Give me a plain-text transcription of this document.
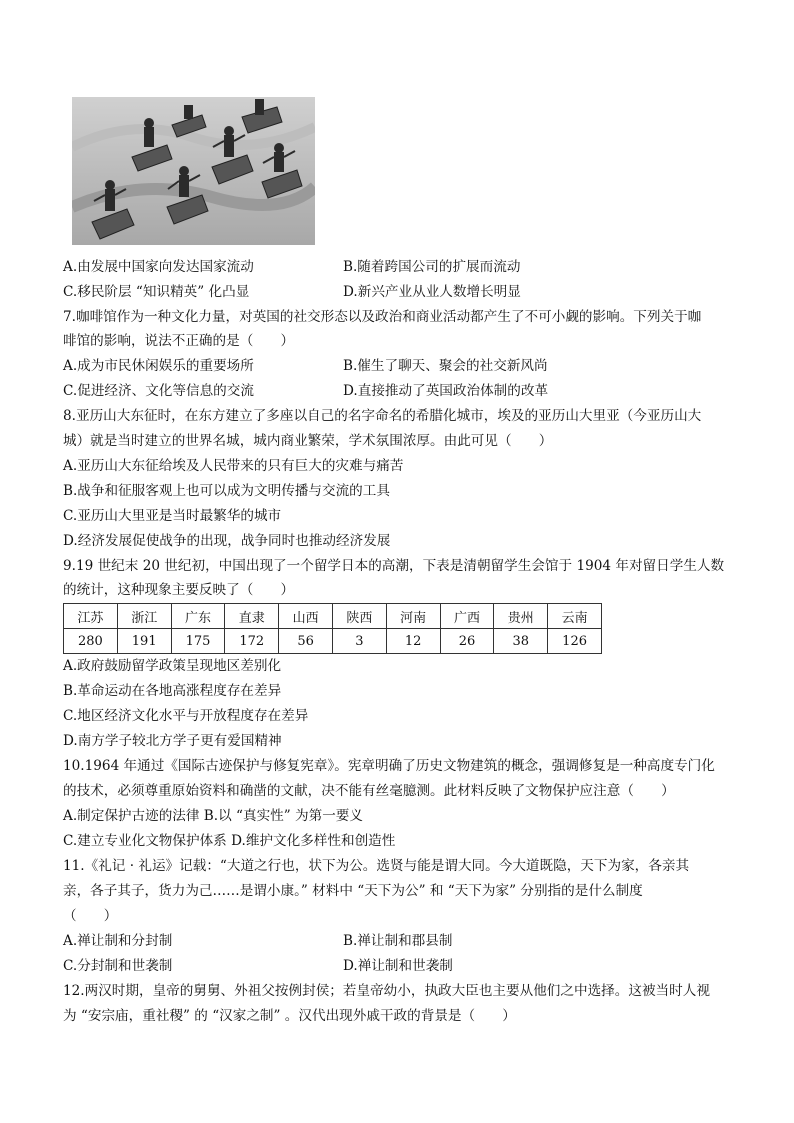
A.由发展中国家向发达国家流动	B.随着跨国公司的扩展而流动
C.移民阶层 “知识精英” 化凸显	D.新兴产业从业人数增长明显
7.咖啡馆作为一种文化力量，对英国的社交形态以及政治和商业活动都产生了不可小觑的影响。下列关于咖
啡馆的影响，说法不正确的是（　　）
A.成为市民休闲娱乐的重要场所	B.催生了聊天、聚会的社交新风尚
C.促进经济、文化等信息的交流	D.直接推动了英国政治体制的改革
8.亚历山大东征时，在东方建立了多座以自己的名字命名的希腊化城市，埃及的亚历山大里亚（今亚历山大
城）就是当时建立的世界名城，城内商业繁荣，学术氛围浓厚。由此可见（　　）
A.亚历山大东征给埃及人民带来的只有巨大的灾难与痛苦
B.战争和征服客观上也可以成为文明传播与交流的工具
C.亚历山大里亚是当时最繁华的城市
D.经济发展促使战争的出现，战争同时也推动经济发展
9.19 世纪末 20 世纪初，中国出现了一个留学日本的高潮，下表是清朝留学生会馆于 1904 年对留日学生人数
的统计，这种现象主要反映了（　　）
江苏	浙江	广东	直隶	山西	陕西	河南	广西	贵州	云南
280	191	175	172	56	3	12	26	38	126
A.政府鼓励留学政策呈现地区差别化
B.革命运动在各地高涨程度存在差异
C.地区经济文化水平与开放程度存在差异
D.南方学子较北方学子更有爱国精神
10.1964 年通过《国际古迹保护与修复宪章》。宪章明确了历史文物建筑的概念，强调修复是一种高度专门化
的技术，必须尊重原始资料和确凿的文献，决不能有丝毫臆测。此材料反映了文物保护应注意（　　）
A.制定保护古迹的法律 B.以 “真实性” 为第一要义
C.建立专业化文物保护体系 D.维护文化多样性和创造性
11.《礼记 · 礼运》记载：“大道之行也，状下为公。选贤与能是谓大同。今大道既隐，天下为家，各亲其
亲，各子其子，货力为己……是谓小康。” 材料中 “天下为公” 和 “天下为家” 分别指的是什么制度
（　　）
A.禅让制和分封制	B.禅让制和郡县制
C.分封制和世袭制	D.禅让制和世袭制
12.两汉时期，皇帝的舅舅、外祖父按例封侯；若皇帝幼小，执政大臣也主要从他们之中选择。这被当时人视
为 “安宗庙，重社稷” 的 “汉家之制” 。汉代出现外戚干政的背景是（　　）
